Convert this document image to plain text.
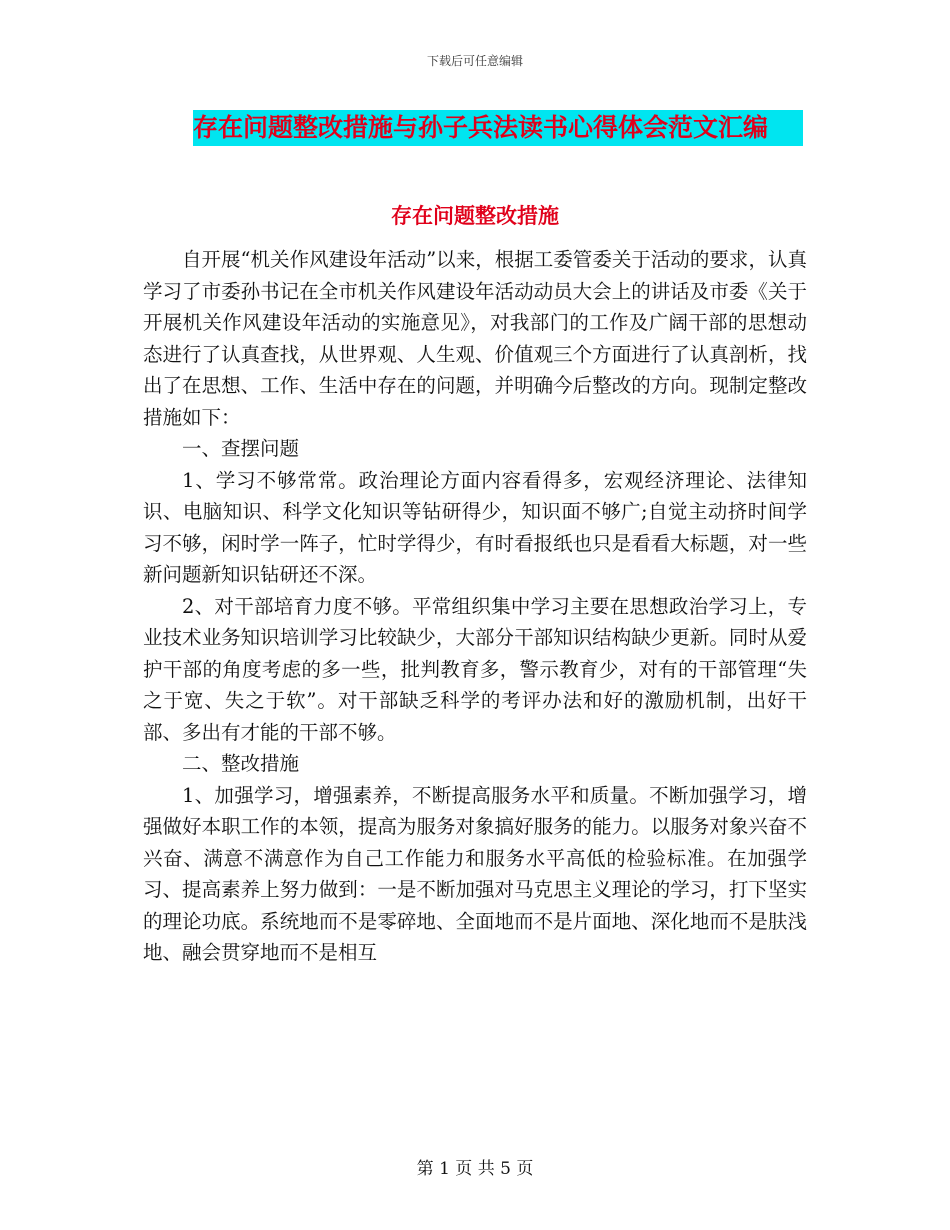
下载后可任意编辑
存在问题整改措施与孙子兵法读书心得体会范文汇编
存在问题整改措施

自开展“机关作风建设年活动”以来，根据工委管委关于活动的要求，认真学习了市委孙书记在全市机关作风建设年活动动员大会上的讲话及市委《关于开展机关作风建设年活动的实施意见》，对我部门的工作及广阔干部的思想动态进行了认真查找，从世界观、人生观、价值观三个方面进行了认真剖析，找出了在思想、工作、生活中存在的问题，并明确今后整改的方向。现制定整改措施如下：

一、查摆问题

1、学习不够常常。政治理论方面内容看得多，宏观经济理论、法律知识、电脑知识、科学文化知识等钻研得少，知识面不够广;自觉主动挤时间学习不够，闲时学一阵子，忙时学得少，有时看报纸也只是看看大标题，对一些新问题新知识钻研还不深。

2、对干部培育力度不够。平常组织集中学习主要在思想政治学习上，专业技术业务知识培训学习比较缺少，大部分干部知识结构缺少更新。同时从爱护干部的角度考虑的多一些，批判教育多，警示教育少，对有的干部管理“失之于宽、失之于软”。对干部缺乏科学的考评办法和好的激励机制，出好干部、多出有才能的干部不够。

二、整改措施

1、加强学习，增强素养，不断提高服务水平和质量。不断加强学习，增强做好本职工作的本领，提高为服务对象搞好服务的能力。以服务对象兴奋不兴奋、满意不满意作为自己工作能力和服务水平高低的检验标准。在加强学习、提高素养上努力做到：一是不断加强对马克思主义理论的学习，打下坚实的理论功底。系统地而不是零碎地、全面地而不是片面地、深化地而不是肤浅地、融会贯穿地而不是相互

第 1 页 共 5 页
